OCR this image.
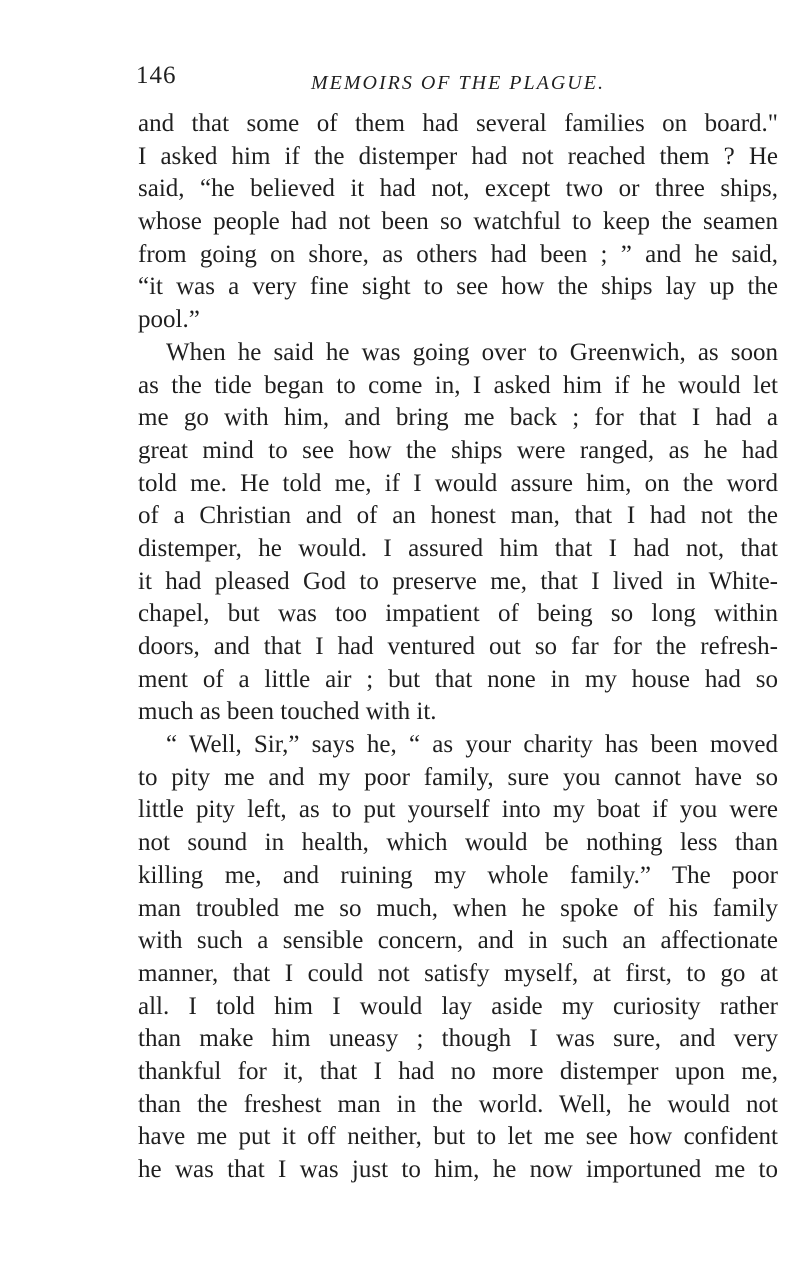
146	MEMOIRS OF THE PLAGUE.
and that some of them had several families on board."
I asked him if the distemper had not reached them ? He
said, “he believed it had not, except two or three ships,
whose people had not been so watchful to keep the seamen
from going on shore, as others had been ; ” and he said,
“it was a very fine sight to see how the ships lay up the
pool.”
When he said he was going over to Greenwich, as soon
as the tide began to come in, I asked him if he would let
me go with him, and bring me back ; for that I had a
great mind to see how the ships were ranged, as he had
told me. He told me, if I would assure him, on the word
of a Christian and of an honest man, that I had not the
distemper, he would. I assured him that I had not, that
it had pleased God to preserve me, that I lived in White-
chapel, but was too impatient of being so long within
doors, and that I had ventured out so far for the refresh-
ment of a little air ; but that none in my house had so
much as been touched with it.
“ Well, Sir,” says he, “ as your charity has been moved
to pity me and my poor family, sure you cannot have so
little pity left, as to put yourself into my boat if you were
not sound in health, which would be nothing less than
killing me, and ruining my whole family.” The poor
man troubled me so much, when he spoke of his family
with such a sensible concern, and in such an affectionate
manner, that I could not satisfy myself, at first, to go at
all. I told him I would lay aside my curiosity rather
than make him uneasy ; though I was sure, and very
thankful for it, that I had no more distemper upon me,
than the freshest man in the world. Well, he would not
have me put it off neither, but to let me see how confident
he was that I was just to him, he now importuned me to
